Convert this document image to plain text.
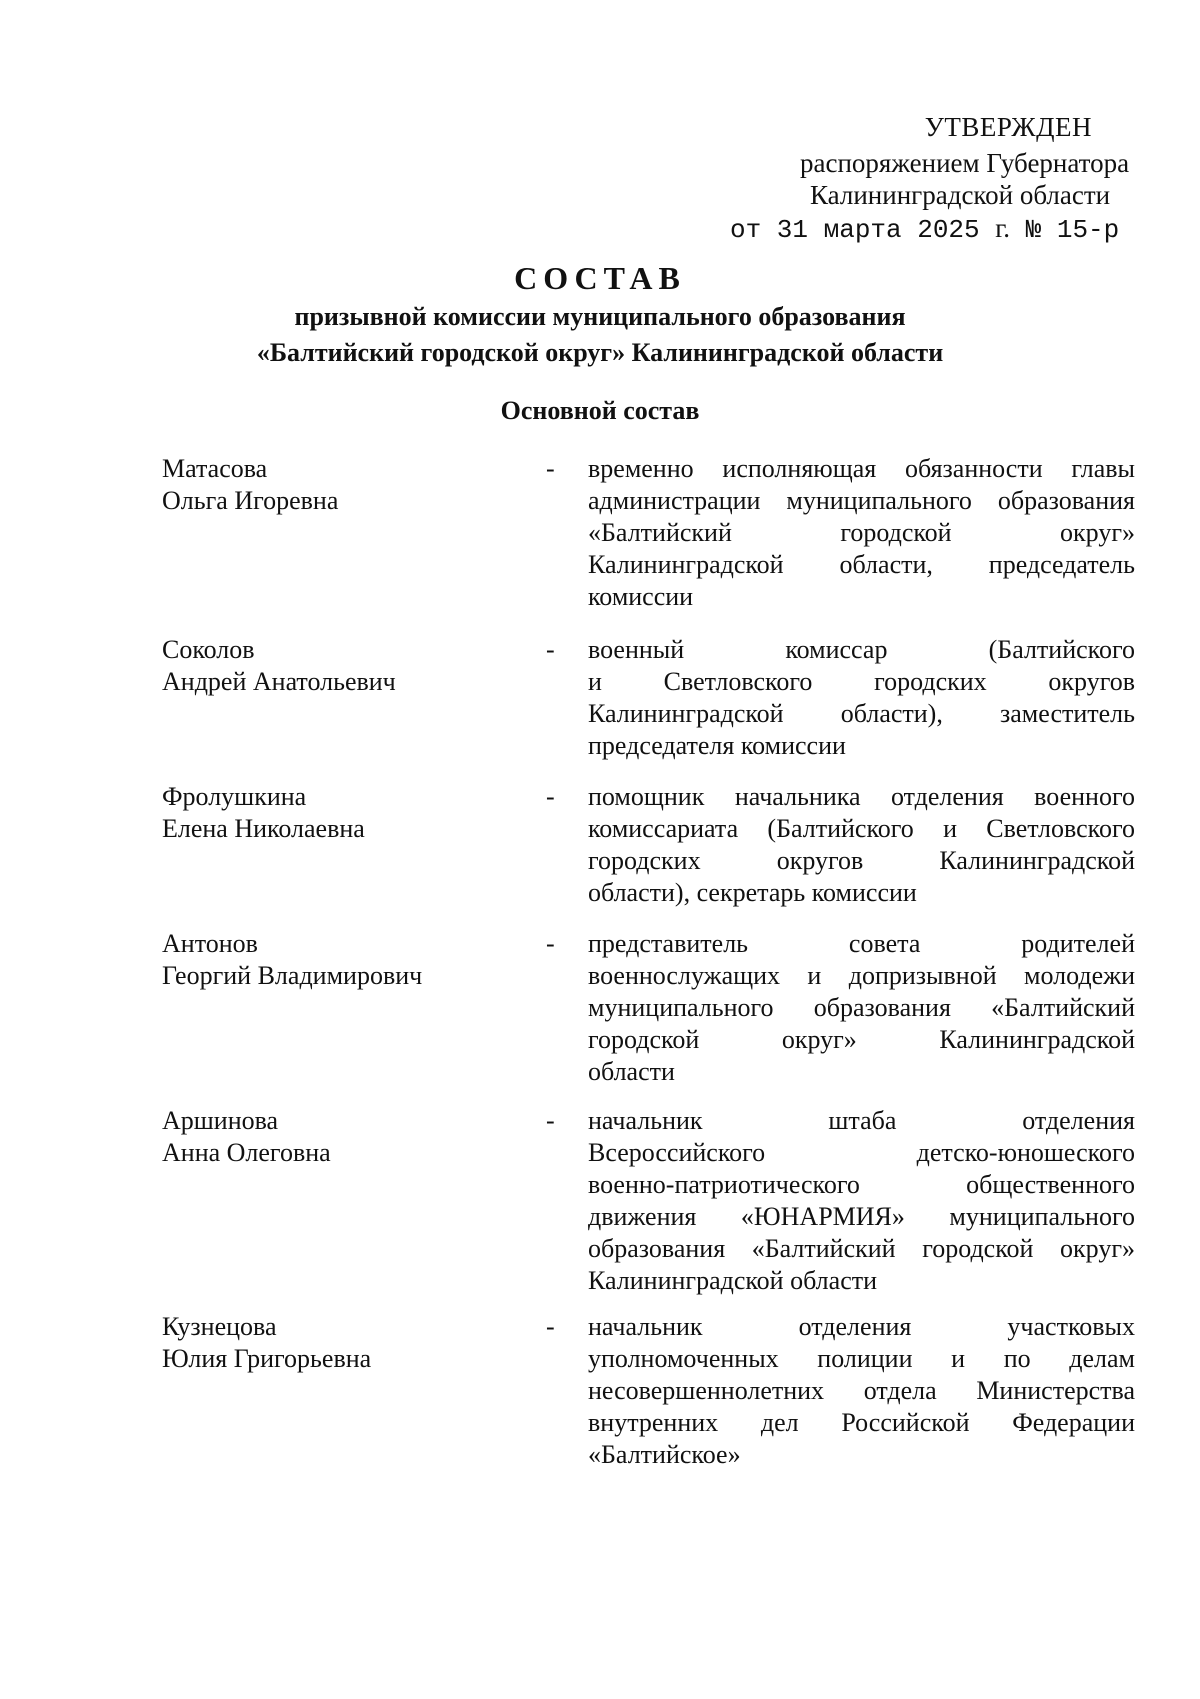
УТВЕРЖДЕН
распоряжением Губернатора
Калининградской области
от 31 марта 2025 г. № 15-р
СОСТАВ
призывной комиссии муниципального образования
«Балтийский городской округ» Калининградской области
Основной состав
Матасова
Ольга Игоревна
- временно исполняющая обязанности главы
администрации муниципального образования
«Балтийский городской округ»
Калининградской области, председатель
комиссии
Соколов
Андрей Анатольевич
- военный комиссар (Балтийского
и Светловского городских округов
Калининградской области), заместитель
председателя комиссии
Фролушкина
Елена Николаевна
- помощник начальника отделения военного
комиссариата (Балтийского и Светловского
городских округов Калининградской
области), секретарь комиссии
Антонов
Георгий Владимирович
- представитель совета родителей
военнослужащих и допризывной молодежи
муниципального образования «Балтийский
городской округ» Калининградской
области
Аршинова
Анна Олеговна
- начальник штаба отделения
Всероссийского детско-юношеского
военно-патриотического общественного
движения «ЮНАРМИЯ» муниципального
образования «Балтийский городской округ»
Калининградской области
Кузнецова
Юлия Григорьевна
- начальник отделения участковых
уполномоченных полиции и по делам
несовершеннолетних отдела Министерства
внутренних дел Российской Федерации
«Балтийское»
